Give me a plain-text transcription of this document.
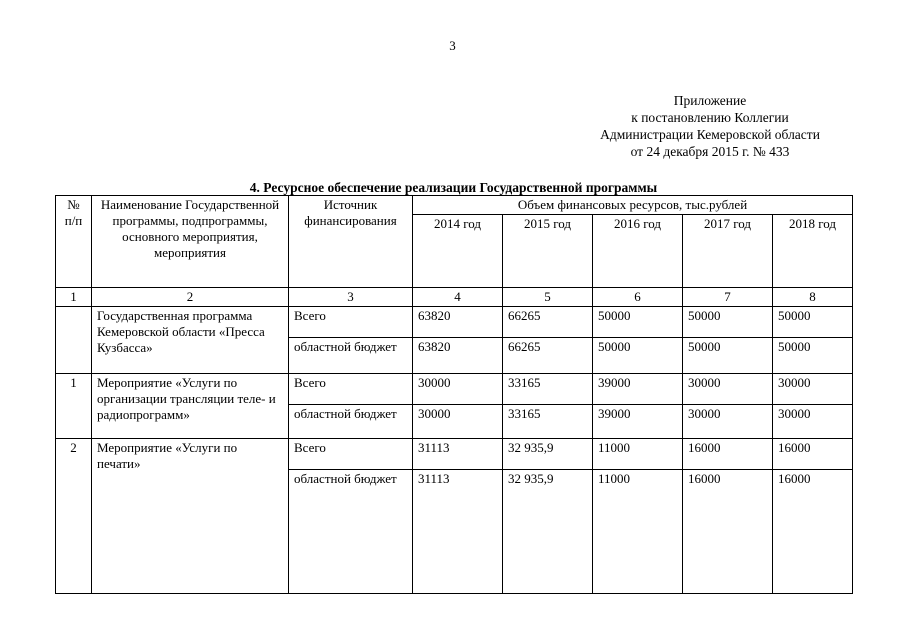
3
Приложение
к постановлению Коллегии
Администрации Кемеровской области
от 24 декабря 2015 г. № 433
4. Ресурсное обеспечение реализации Государственной программы
№ п/п	Наименование Государственной программы, подпрограммы, основного мероприятия, мероприятия	Источник финансирования	Объем финансовых ресурсов, тыс.рублей				
			2014 год	2015 год	2016 год	2017 год	2018 год
1	2	3	4	5	6	7	8
	Государственная программа Кемеровской области «Пресса Кузбасса»	Всего	63820	66265	50000	50000	50000
		областной бюджет	63820	66265	50000	50000	50000
1	Мероприятие «Услуги по организации трансляции теле- и радиопрограмм»	Всего	30000	33165	39000	30000	30000
		областной бюджет	30000	33165	39000	30000	30000
2	Мероприятие «Услуги по печати»	Всего	31113	32 935,9	11000	16000	16000
		областной бюджет	31113	32 935,9	11000	16000	16000
